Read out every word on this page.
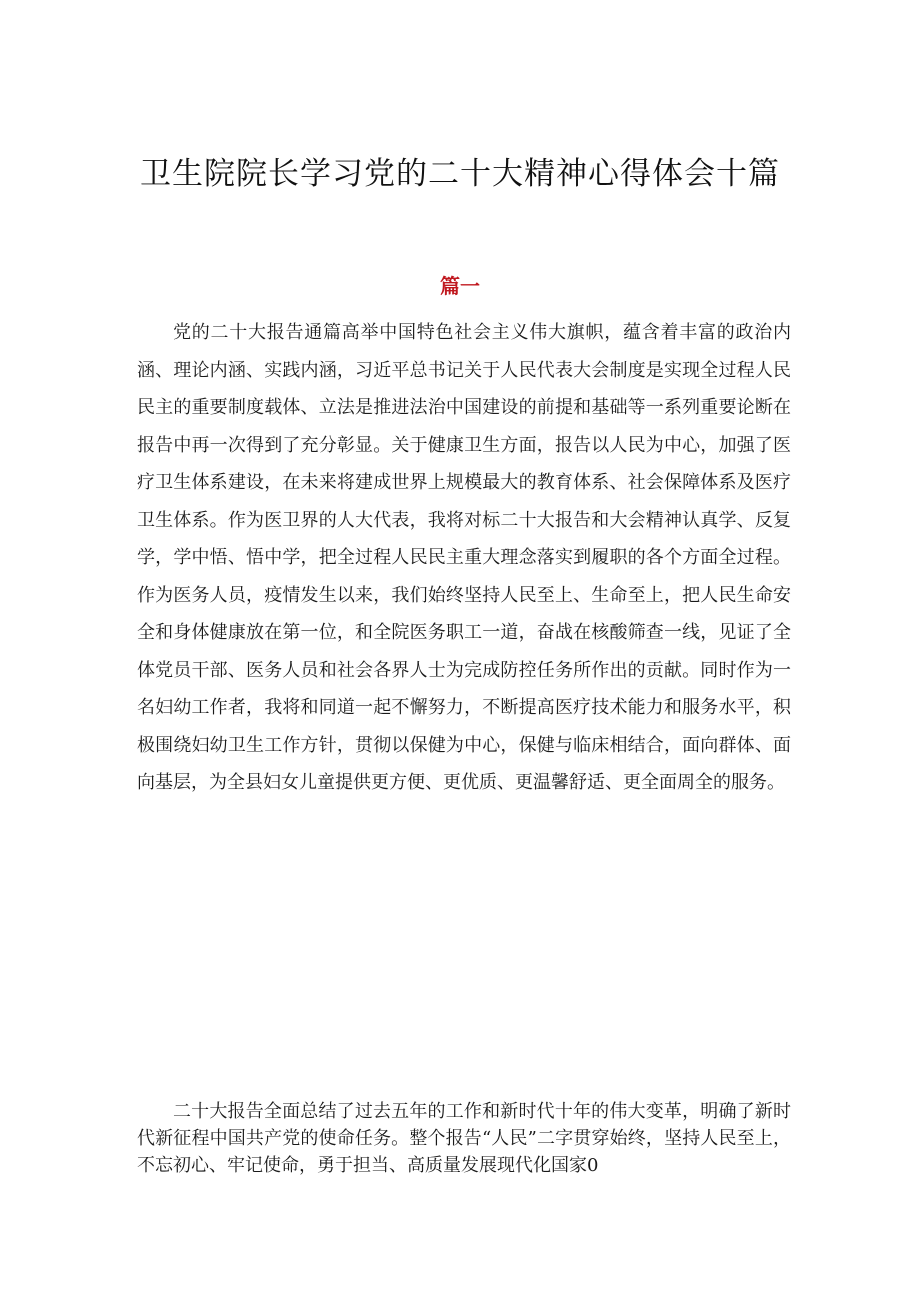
卫生院院长学习党的二十大精神心得体会十篇
篇一

党的二十大报告通篇高举中国特色社会主义伟大旗帜，蕴含着丰富的政治内涵、理论内涵、实践内涵，习近平总书记关于人民代表大会制度是实现全过程人民民主的重要制度载体、立法是推进法治中国建设的前提和基础等一系列重要论断在报告中再一次得到了充分彰显。关于健康卫生方面，报告以人民为中心，加强了医疗卫生体系建设，在未来将建成世界上规模最大的教育体系、社会保障体系及医疗卫生体系。作为医卫界的人大代表，我将对标二十大报告和大会精神认真学、反复学，学中悟、悟中学，把全过程人民民主重大理念落实到履职的各个方面全过程。作为医务人员，疫情发生以来，我们始终坚持人民至上、生命至上，把人民生命安全和身体健康放在第一位，和全院医务职工一道，奋战在核酸筛查一线，见证了全体党员干部、医务人员和社会各界人士为完成防控任务所作出的贡献。同时作为一名妇幼工作者，我将和同道一起不懈努力，不断提高医疗技术能力和服务水平，积极围绕妇幼卫生工作方针，贯彻以保健为中心，保健与临床相结合，面向群体、面向基层，为全县妇女儿童提供更方便、更优质、更温馨舒适、更全面周全的服务。

二十大报告全面总结了过去五年的工作和新时代十年的伟大变革，明确了新时代新征程中国共产党的使命任务。整个报告“人民”二字贯穿始终，坚持人民至上，不忘初心、牢记使命，勇于担当、高质量发展现代化国家0
